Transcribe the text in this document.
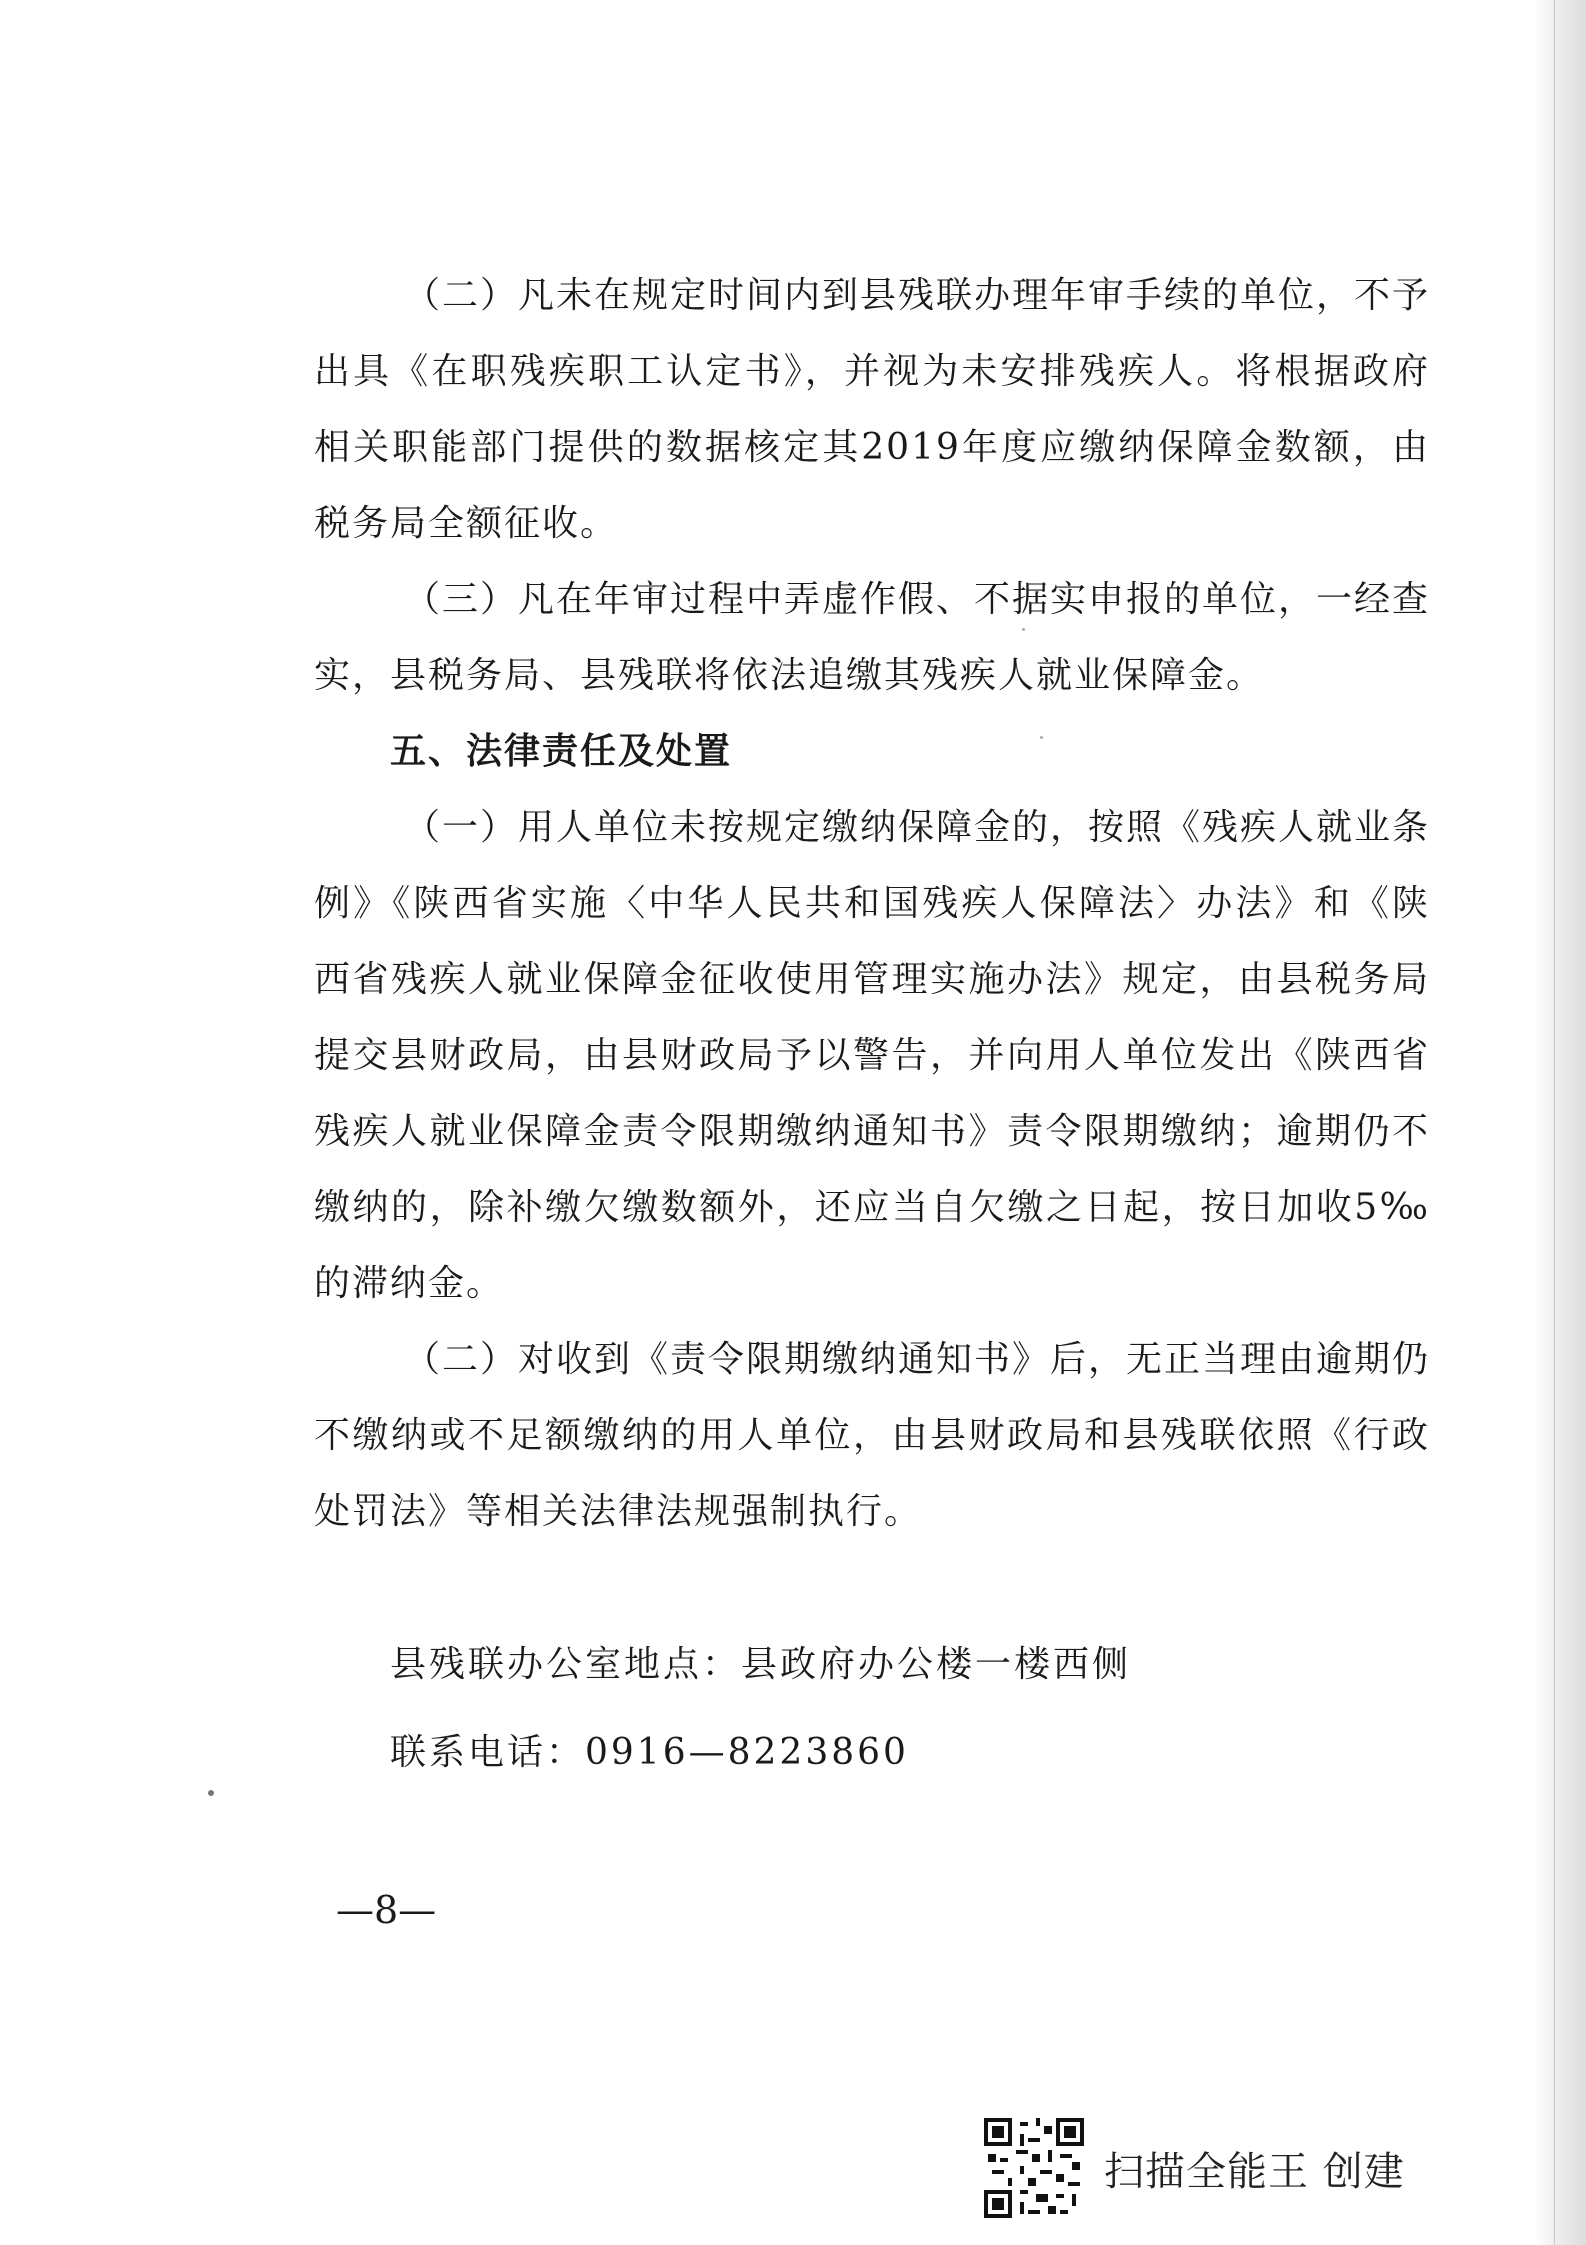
（二）凡未在规定时间内到县残联办理年审手续的单位，不予出具《在职残疾职工认定书》，并视为未安排残疾人。将根据政府相关职能部门提供的数据核定其2019年度应缴纳保障金数额，由税务局全额征收。

（三）凡在年审过程中弄虚作假、不据实申报的单位，一经查实，县税务局、县残联将依法追缴其残疾人就业保障金。

五、法律责任及处置

（一）用人单位未按规定缴纳保障金的，按照《残疾人就业条例》《陕西省实施〈中华人民共和国残疾人保障法〉办法》和《陕西省残疾人就业保障金征收使用管理实施办法》规定，由县税务局提交县财政局，由县财政局予以警告，并向用人单位发出《陕西省残疾人就业保障金责令限期缴纳通知书》责令限期缴纳；逾期仍不缴纳的，除补缴欠缴数额外，还应当自欠缴之日起，按日加收5‰的滞纳金。

（二）对收到《责令限期缴纳通知书》后，无正当理由逾期仍不缴纳或不足额缴纳的用人单位，由县财政局和县残联依照《行政处罚法》等相关法律法规强制执行。

县残联办公室地点：县政府办公楼一楼西侧

联系电话：0916—8223860

—8—

扫描全能王 创建
